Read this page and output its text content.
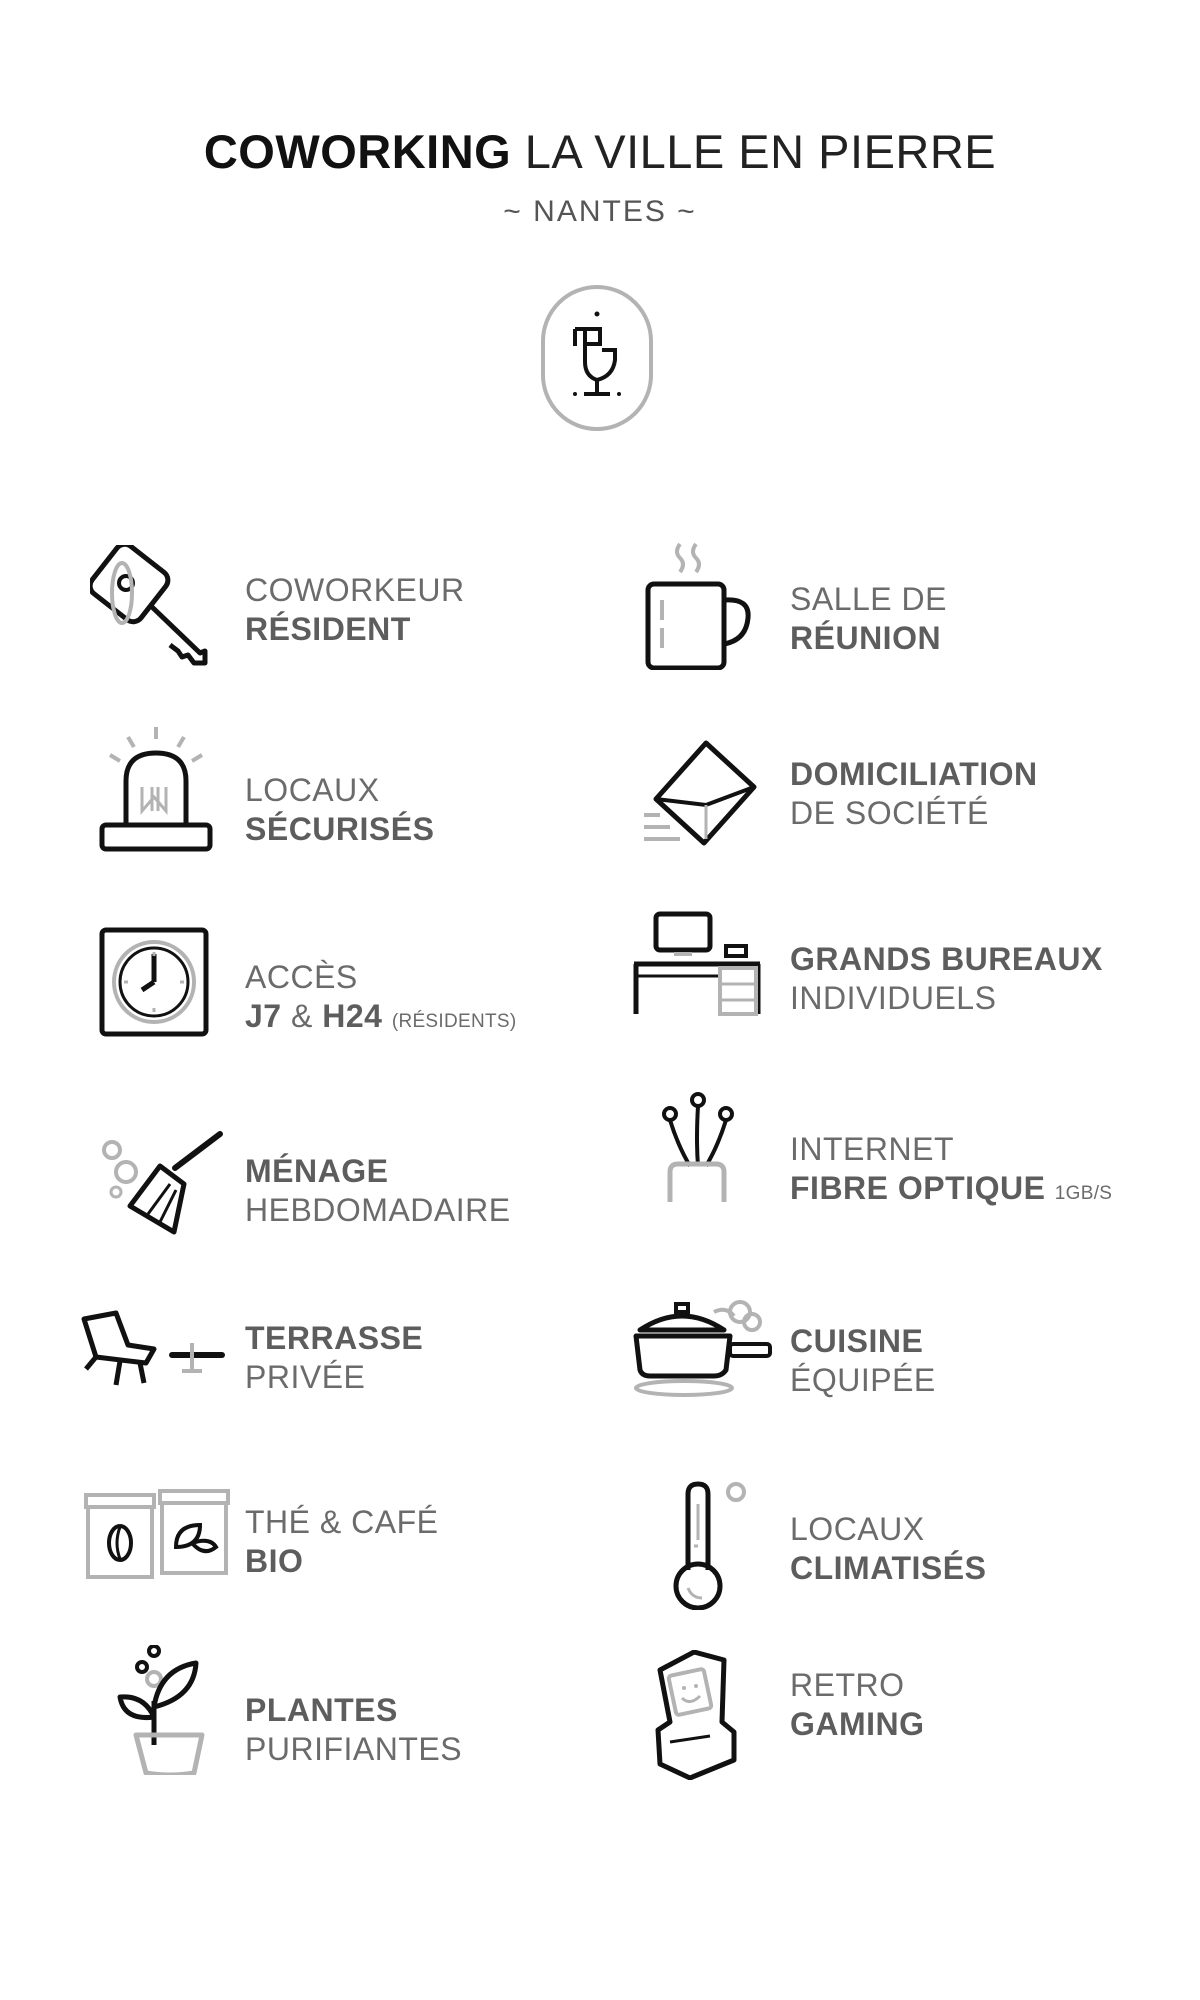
COWORKING LA VILLE EN PIERRE
~ NANTES ~
COWORKEUR
RÉSIDENT
LOCAUX
SÉCURISÉS
ACCÈS
J7 & H24 (RÉSIDENTS)
MÉNAGE
HEBDOMADAIRE
TERRASSE
PRIVÉE
THÉ & CAFÉ
BIO
PLANTES
PURIFIANTES
SALLE DE
RÉUNION
DOMICILIATION
DE SOCIÉTÉ
GRANDS BUREAUX
INDIVIDUELS
INTERNET
FIBRE OPTIQUE 1GB/S
CUISINE
ÉQUIPÉE
LOCAUX
CLIMATISÉS
RETRO
GAMING
